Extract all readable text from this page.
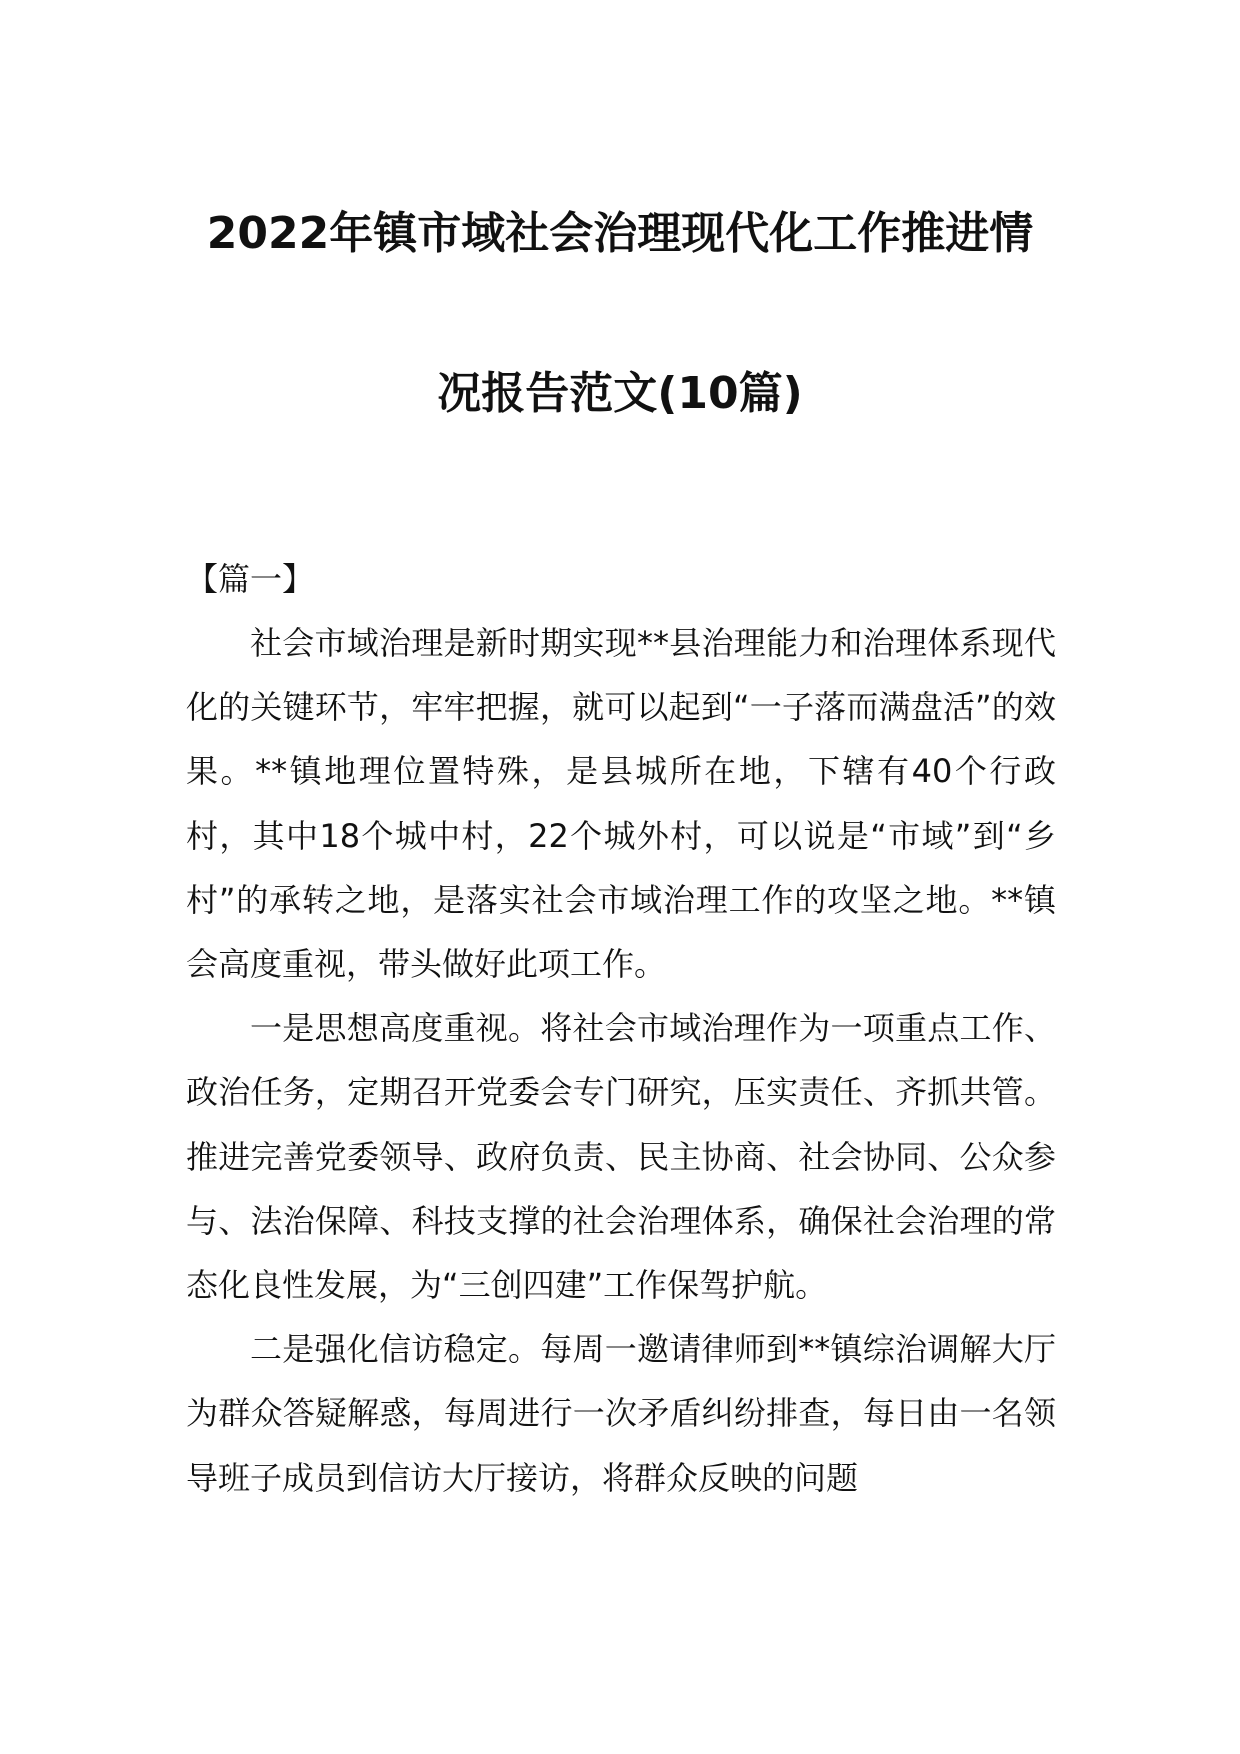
2022年镇市域社会治理现代化工作推进情
况报告范文(10篇)

【篇一】

社会市域治理是新时期实现**县治理能力和治理体系现代化的关键环节，牢牢把握，就可以起到“一子落而满盘活”的效果。**镇地理位置特殊，是县城所在地，下辖有40个行政村，其中18个城中村，22个城外村，可以说是“市域”到“乡村”的承转之地，是落实社会市域治理工作的攻坚之地。**镇会高度重视，带头做好此项工作。

一是思想高度重视。将社会市域治理作为一项重点工作、政治任务，定期召开党委会专门研究，压实责任、齐抓共管。推进完善党委领导、政府负责、民主协商、社会协同、公众参与、法治保障、科技支撑的社会治理体系，确保社会治理的常态化良性发展，为“三创四建”工作保驾护航。

二是强化信访稳定。每周一邀请律师到**镇综治调解大厅为群众答疑解惑，每周进行一次矛盾纠纷排查，每日由一名领导班子成员到信访大厅接访，将群众反映的问题
